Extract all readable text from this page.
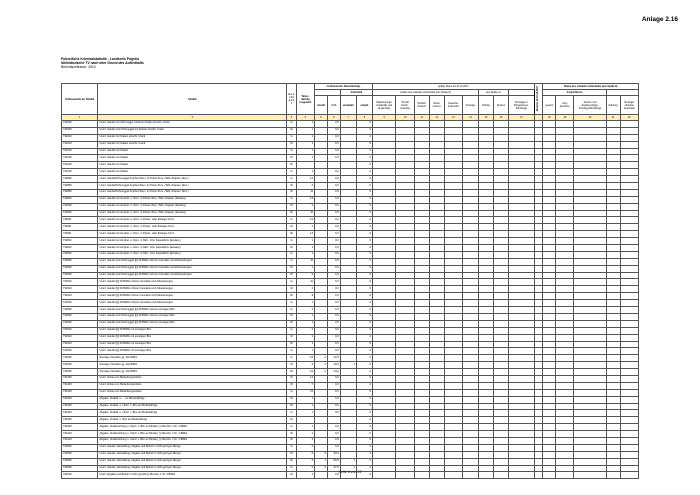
Anlage 2.16
Polizeiliche Kriminalstatistik - Landkreis Prignitz
Nichtdeutsche TV nach dem Grund des Aufenthalts
Berichtszeitraum: 2014
Schlüsselzahl der Straftat	Straftat	G e s c h l e c h t	Tatver-dächtig insgesamt	nichtdeutsche Tatverdächtige				gültige Werte bis 31.12.2017									Akzente ab 31.12.2017	Status des erlaubten Aufenthalts (aus Spalte 8)				
						Aufenthalt		Anlass des erlaubten Aufenthalts (aus Spalte 8)						aus Spalte 11				Asylverfahren				
				Anzahl	in %	unerlaubt	erlaubt	Stationierungs-streitkräfte und Angehörige	Tourist/ Durch-reisender	Schüler/ Student	Arbeit-nehmer	Gewerbe-treibender	Sonstige	Schüler	Student	Kontingent-/ Bürgerkriegs-flüchtlinge		gesamt	Asyl-bewerber	Schutz- und Asylberechtigte, Kontingentflüchtlinge	Duldung	Sonstiger erlaubter Aufenthalt
1	2	3	4	5	6	7	8	9	10	11	12	13	14	15	16	17		18	19	20	21	22
732200	Unerl. Handel mit Schmuggel mit/ohne Kokain einschl. Crack	G	1		0,0		0															
732200	Unerl. Handel und Schmuggel mit Kokain einschl. Crack	M	1		0,0		0															
732210	Unerl. Handel mit Kokain einschl. Crack	G	1		0,0		0															
732210	Unerl. Handel mit Kokain einschl. Crack	M	1		0,0		0															
732210	Unerl. Handel mit Kokain	G	1		0,0		0															
732210	Unerl. Handel mit Kokain	M	1		0,0		0															
732210	Unerl. Handel mit Kokain	W					0															
732210	Unerl. Handel mit Kokain	G	1		0,0		0															
732800	Unerl. Handel/Schmuggel Amphet./Dem. in Pulver-/Kos.-/Tabl.-/Kapsel. (Ecs.)	G	13		0,0		0															
732800	Unerl. Handel/Schmuggel Amphet./Dem. in Pulver-/Kos.-/Tabl.-/Kapsel. (Ecs.)	M	2		0,0		0															
732800	Unerl. Handel/Schmuggel Amphet./Dem. in Pulver-/Kos.-/Tabl.-/Kapsel. (Ecs.)	W	11		0,0		0															
732810	Unerl. Handel mit Amphet. u. Dem. in Pulver-/Kos.-/Tabl.-/Kapsel. (Ecstasy)	G	13		0,0		0															
732810	Unerl. Handel mit Amphet. u. Dem. in Pulver-/Kos.-/Tabl.-/Kapsel. (Ecstasy)	M	2		0,0		0															
732810	Unerl. Handel mit Amphet. u. Dem. in Pulver-/Kos.-/Tabl.-/Kapsel. (Ecstasy)	W	11		0,0		0															
732811	Unerl. Handel mit Amphet. u. Dem. in Pulver- oder flüssiger Form	G	12		0,0		0															
732811	Unerl. Handel mit Amphet. u. Dem. in Pulver- oder flüssiger Form	M	2		0,0		0															
732811	Unerl. Handel mit Amphet. u. Dem. in Pulver- oder flüssiger Form	W	14		0,0		0															
732812	Unerl. Handel mit Amphet. u. Dem. in Tabl.- bzw. Kapselform (Ecstasy)	G	1		0,0		0															
732812	Unerl. Handel mit Amphet. u. Dem. in Tabl.- bzw. Kapselform (Ecstasy)	M	1		0,0		0															
732812	Unerl. Handel mit Amphet. u. Dem. in Tabl.- bzw. Kapselform (Ecstasy)	G	1		0,0		0															
732900	Unerl. Handel und Schmuggel §§ 29 BtMG mit/von Cannabis und Zubereitungen	G	11		0,0		0															
732900	Unerl. Handel und Schmuggel §§ 29 BtMG mit/von Cannabis und Zubereitungen	M	2		0,0		0															
732900	Unerl. Handel und Schmuggel §§ 29 BtMG mit/von Cannabis und Zubereitungen	W	9		0,0		0															
732910	Unerl. Handel §§ 29 BtMG mit/von Cannabis und Zubereitungen	G	11		0,0		0															
732910	Unerl. Handel §§ 29 BtMG mit/von Cannabis und Zubereitungen	M	2		0,0		0															
732910	Unerl. Handel §§ 29 BtMG mit/von Cannabis und Zubereitungen	W	9		0,0		0															
732910	Unerl. Handel §§ 29 BtMG mit/von Cannabis und Zubereitungen	G	1		0,0		0															
732900	Unerl. Handel und Schmuggel §§ 29 BtMG mit/von sonstigen Btm	G	2		0,0		0															
732900	Unerl. Handel und Schmuggel §§ 29 BtMG mit/von sonstigen Btm	M	1		0,0		0															
732900	Unerl. Handel und Schmuggel §§ 29 BtMG mit/von sonstigen Btm	W	1		0,0		0															
732910	Unerl. Handel §§ 29 BtMG mit sonstigen Btm	G	2		0,0		0															
732910	Unerl. Handel §§ 29 BtMG mit sonstigen Btm	M	1		0,0		0															
732910	Unerl. Handel §§ 29 BtMG mit sonstigen Btm	W	1		0,0		0															
732910	Unerl. Handel §§ 29 BtMG mit sonstigen Btm	G	1		0,0		0															
734000	Sonstige Verstöße gg. das BtMG	G	16	2	12,5		0															
734000	Sonstige Verstöße gg. das BtMG	M	9	1	20,0	1	0															
734000	Sonstige Verstöße gg. das BtMG	W	10	2	13,0		0															
734100	Unerl. Anbau von Betäubungsmitteln	M	14		0,0		0															
734100	Unerl. Anbau von Betäubungsmitteln	W	7		0,0		0															
734100	Unerl. Anbau von Betäubungsmitteln	G	15		0,0		0															
734300	Abgabe, Veräuß. u. ... an Minderjährige	M	1		0,0		0															
734300	Abgabe, Veräuß. u. Überl. v. Btm an Minderjährige	W	1		0,0		0															
734300	Abgabe, Veräuß. u. Überl. v. Btm an Minderjährige	G	1		0,0		0															
734300	Abgabe, Veräuß. u. Btm an Minderjährige	M					0															
734400	Abgabe, Verabreichung u. Überl. v. Btm an Minderj. § 29a Abs. 1 Nr. 1 BtMG	G	1		0,0		0															
734410	Abgabe, Verabreichung u. Überl. v. Btm an Minderj. § 29a Abs. 1 Nr. 1 BtMG	M	1		0,0		0															
734410	Abgabe, Verabreichung u. Überl. v. Btm an Minderj. § 29a Abs. 1 Nr. 1 BtMG	W	1		0,0		0															
734500	Unerl. Handel, Herstellung, Abgabe und Besitz in nicht geringer Menge	G	2		0,0		0															
734500	Unerl. Handel, Herstellung, Abgabe und Besitz in nicht geringer Menge	M	6	2	33,3		2															
734500	Unerl. Handel, Herstellung, Abgabe und Besitz in nicht geringer Menge	W	3	1	50,0	1	0															
734500	Unerl. Handel, Herstellung, Abgabe und Besitz in nicht geringer Menge	G	5	3	37,5	1	1															
734510	Unerl. Abgabe und Besitz in nicht gemäß § 29a Abs. 1 Nr. 2 BtMG	M	1		0,0		0															
Seite 6 von 22
